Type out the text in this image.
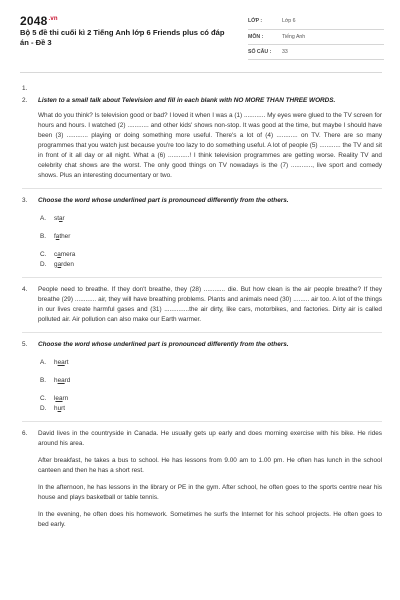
$2048^{.vn}$
Bộ 5 đề thi cuối kì 2 Tiếng Anh lớp 6 Friends plus có đáp án - Đề 3
LỚP :	Lớp 6
MÔN :	Tiếng Anh
SỐ CÂU :	33
1.
2. Listen to a small talk about Television and fill in each blank with NO MORE THAN THREE WORDS.
What do you think? Is television good or bad? I loved it when I was a (1) ............ My eyes were glued to the TV screen for hours and hours. I watched (2) ............ and other kids' shows non-stop. It was good at the time, but maybe I should have been (3) ............ playing or doing something more useful. There's a lot of (4) ............ on TV. There are so many programmes that you watch just because you're too lazy to do something useful. A lot of people (5) ............ the TV and sit in front of it all day or all night. What a (6) ............! I think television programmes are getting worse. Reality TV and celebrity chat shows are the worst. The only good things on TV nowadays is the (7) ............, live sport and comedy shows. Plus an interesting documentary or two.
3. Choose the word whose underlined part is pronounced differently from the others.
A. star
B. father
C. camera
D. garden
4. People need to breathe. If they don't breathe, they (28) ............ die. But how clean is the air people breathe? If they breathe (29) ............ air, they will have breathing problems. Plants and animals need (30) ......... air too. A lot of the things in our lives create harmful gases and (31) ..............the air dirty, like cars, motorbikes, and factories. Dirty air is called polluted air. Air pollution can also make our Earth warmer.
5. Choose the word whose underlined part is pronounced differently from the others.
A. heart
B. heard
C. learn
D. hurt
6. David lives in the countryside in Canada. He usually gets up early and does morning exercise with his bike. He rides around his area.
After breakfast, he takes a bus to school. He has lessons from 9.00 am to 1.00 pm. He often has lunch in the school canteen and then he has a short rest.
In the afternoon, he has lessons in the library or PE in the gym. After school, he often goes to the sports centre near his house and plays basketball or table tennis.
In the evening, he often does his homework. Sometimes he surfs the Internet for his school projects. He often goes to bed early.
